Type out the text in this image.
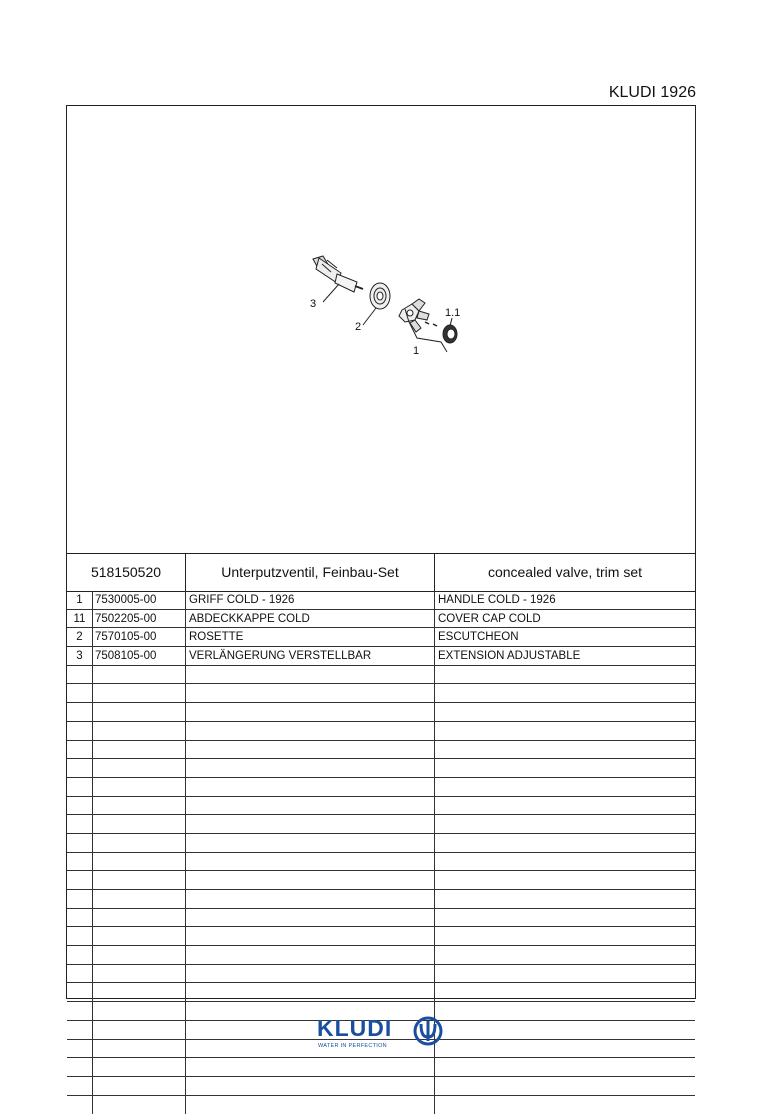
KLUDI 1926
3
2
1.1
1
518150520	Unterputzventil, Feinbau-Set	concealed valve, trim set
1	7530005-00	GRIFF COLD - 1926	HANDLE COLD - 1926
11 7502205-00	ABDECKKAPPE COLD	COVER CAP COLD
2	7570105-00	ROSETTE	ESCUTCHEON
3	7508105-00	VERLÄNGERUNG VERSTELLBAR	EXTENSION ADJUSTABLE
KLUDI
WATER IN PERFECTION
